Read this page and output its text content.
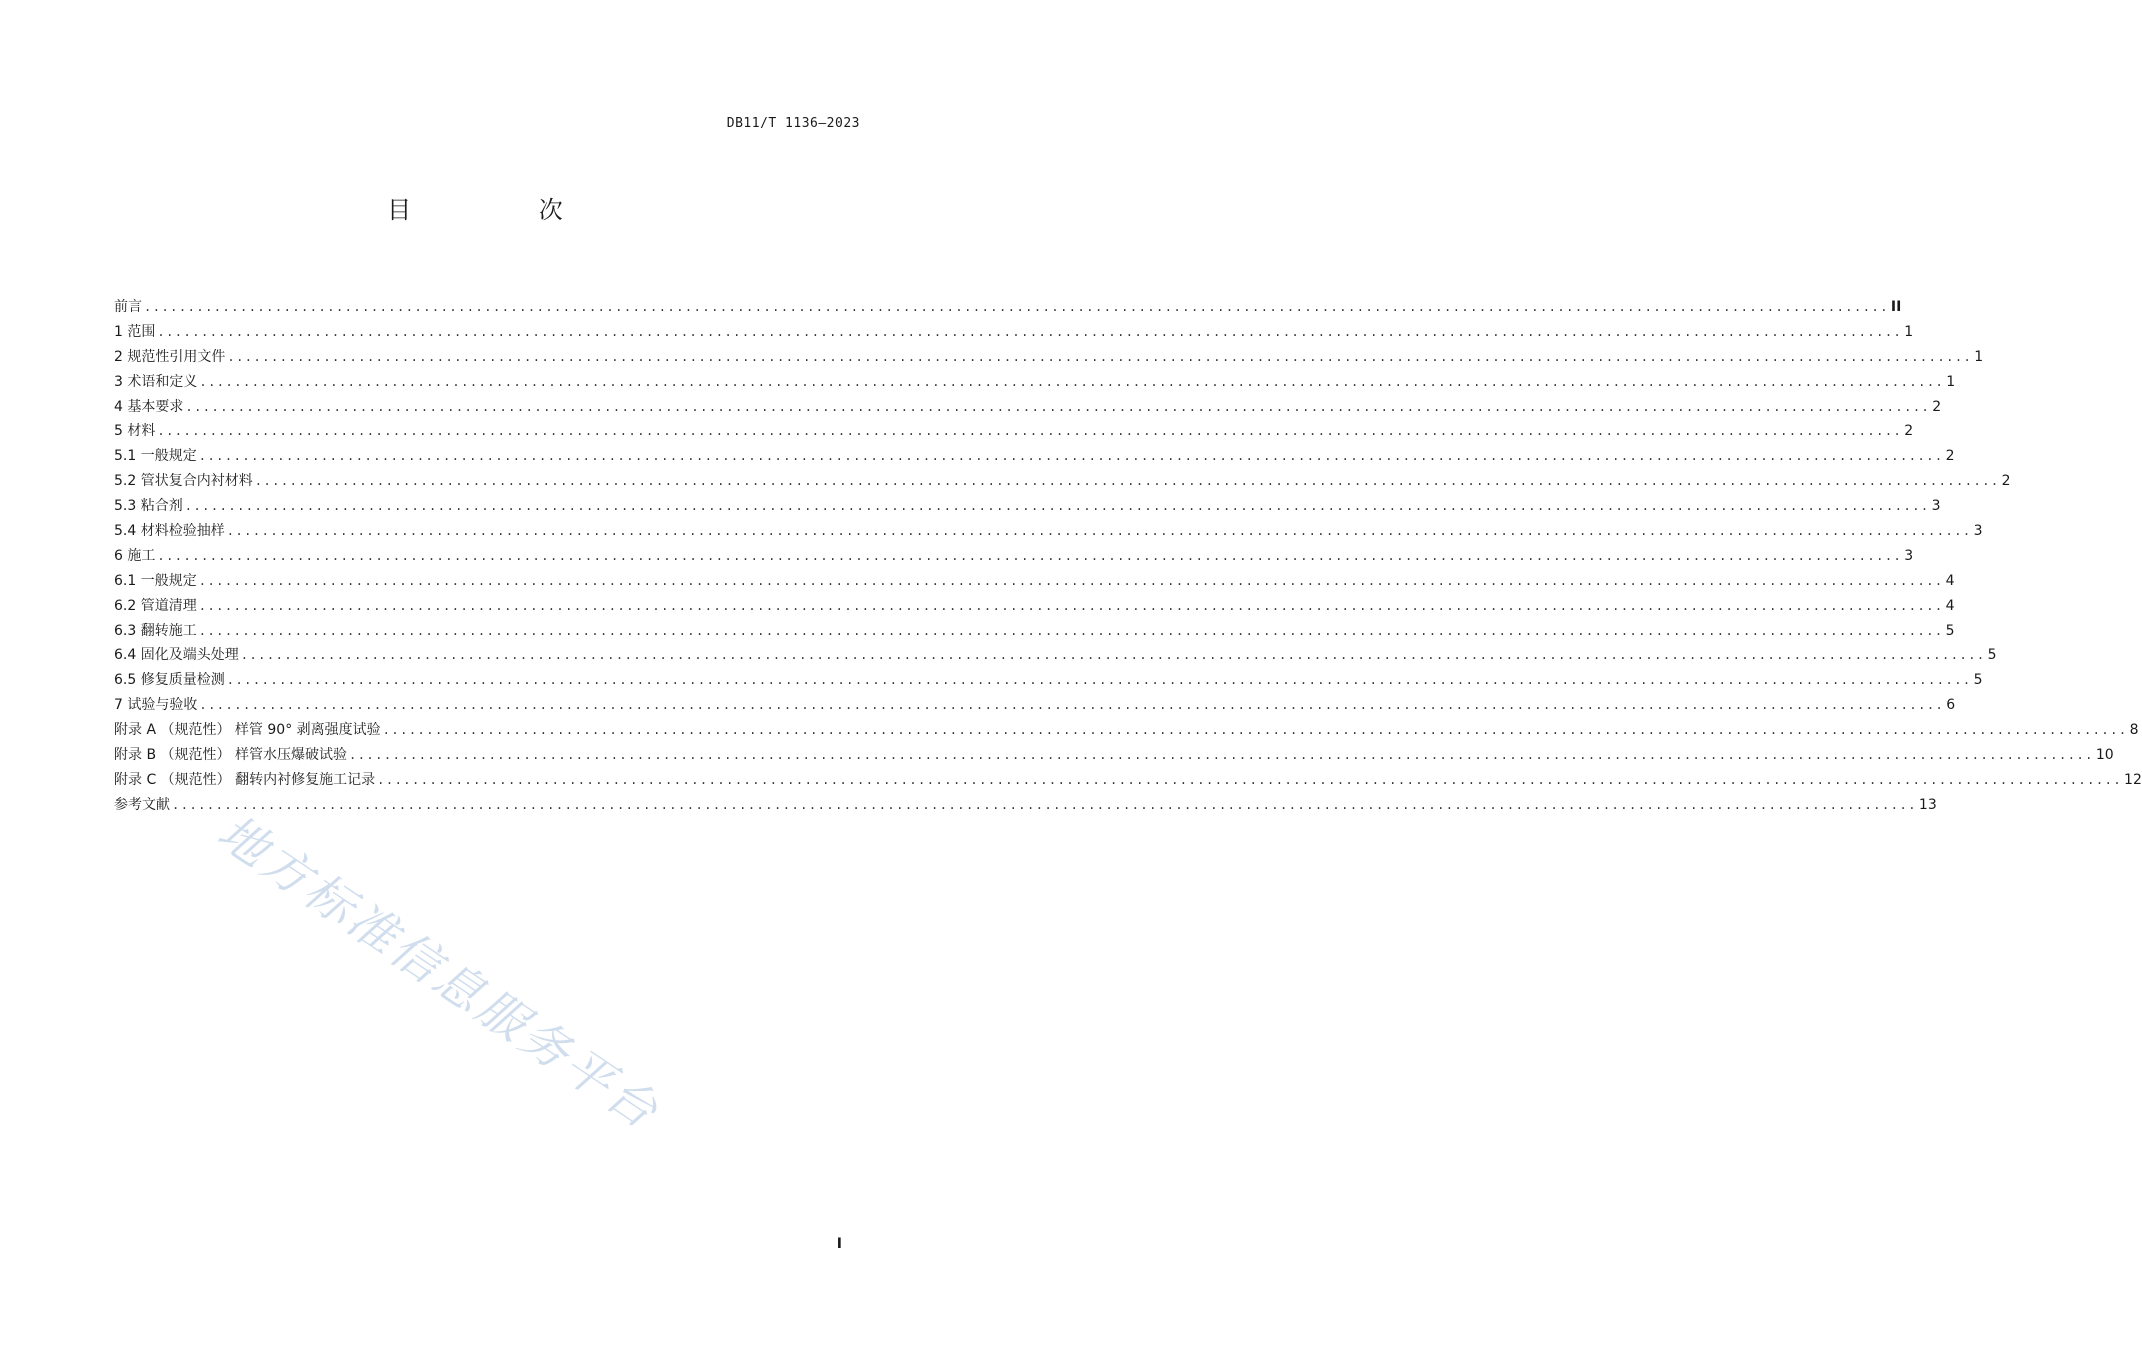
DB11/T 1136—2023
目 次
前言 ........................................................................................................................................................................................................ II
1 范围 ........................................................................................................................................................................................................ 1
2 规范性引用文件 ........................................................................................................................................................................................................ 1
3 术语和定义 ........................................................................................................................................................................................................ 1
4 基本要求 ........................................................................................................................................................................................................ 2
5 材料 ........................................................................................................................................................................................................ 2
5.1 一般规定 ........................................................................................................................................................................................................ 2
5.2 管状复合内衬材料 ........................................................................................................................................................................................................ 2
5.3 粘合剂 ........................................................................................................................................................................................................ 3
5.4 材料检验抽样 ........................................................................................................................................................................................................ 3
6 施工 ........................................................................................................................................................................................................ 3
6.1 一般规定 ........................................................................................................................................................................................................ 4
6.2 管道清理 ........................................................................................................................................................................................................ 4
6.3 翻转施工 ........................................................................................................................................................................................................ 5
6.4 固化及端头处理 ........................................................................................................................................................................................................ 5
6.5 修复质量检测 ........................................................................................................................................................................................................ 5
7 试验与验收 ........................................................................................................................................................................................................ 6
附录 A （规范性） 样管 90° 剥离强度试验 ........................................................................................................................................................................................................ 8
附录 B （规范性） 样管水压爆破试验 ........................................................................................................................................................................................................ 10
附录 C （规范性） 翻转内衬修复施工记录 ........................................................................................................................................................................................................ 12
参考文献 ........................................................................................................................................................................................................ 13
地方标准信息服务平台
I
